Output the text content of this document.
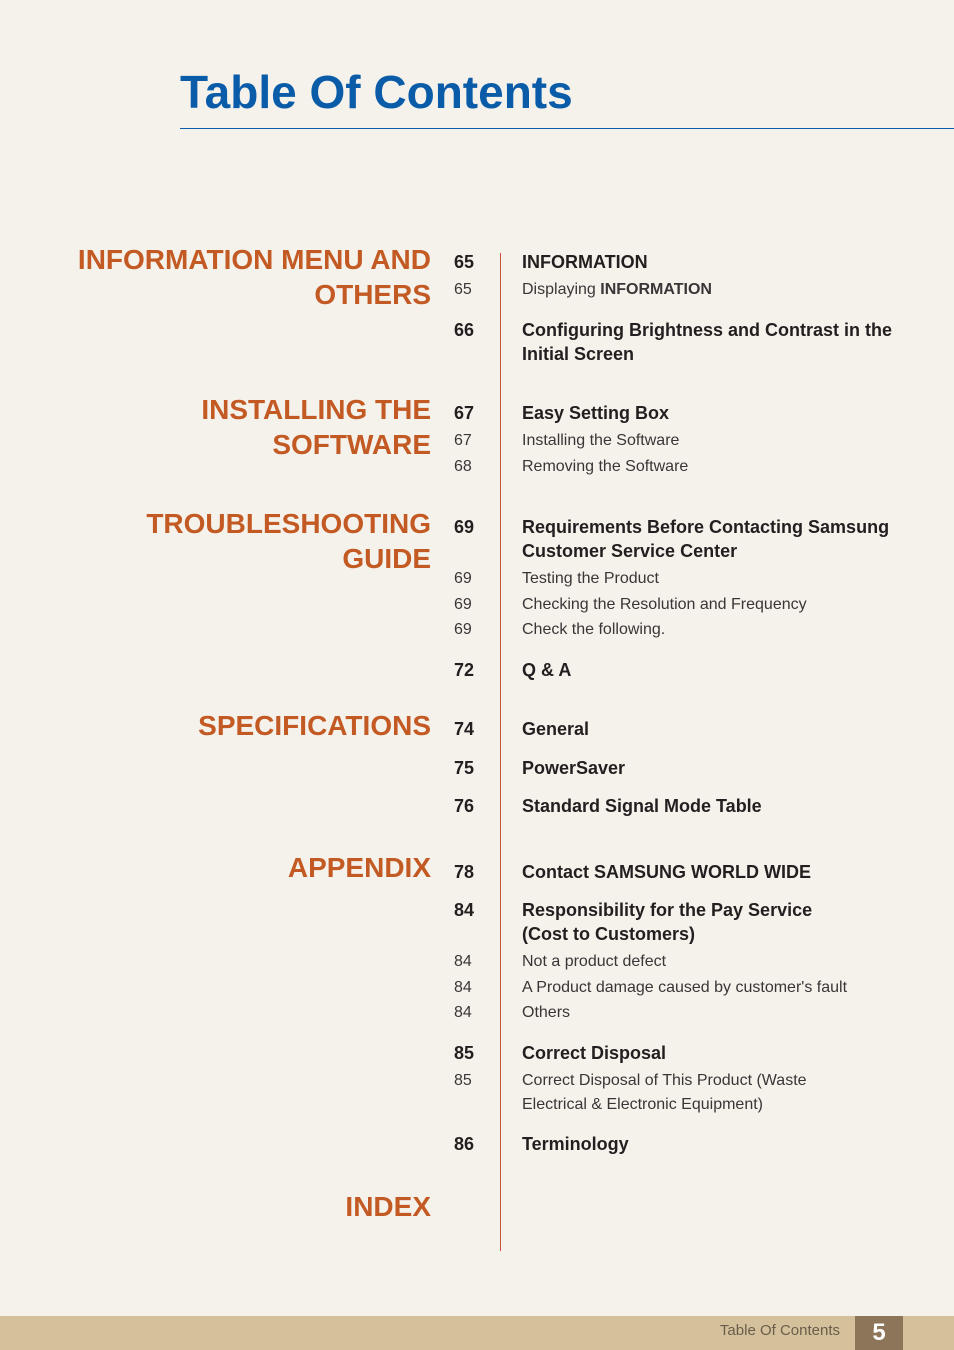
Table Of Contents
INFORMATION MENU AND
OTHERS
65	INFORMATION
65	Displaying INFORMATION
66	Configuring Brightness and Contrast in the Initial Screen
INSTALLING THE
SOFTWARE
67	Easy Setting Box
67	Installing the Software
68	Removing the Software
TROUBLESHOOTING
GUIDE
69	Requirements Before Contacting Samsung Customer Service Center
69	Testing the Product
69	Checking the Resolution and Frequency
69	Check the following.
72	Q & A
SPECIFICATIONS 74	General
75	PowerSaver
76	Standard Signal Mode Table
APPENDIX 78	Contact SAMSUNG WORLD WIDE
84	Responsibility for the Pay Service (Cost to Customers)
84	Not a product defect
84	A Product damage caused by customer's fault
84	Others
85	Correct Disposal
85	Correct Disposal of This Product (Waste Electrical & Electronic Equipment)
86	Terminology
INDEX
Table Of Contents	5
